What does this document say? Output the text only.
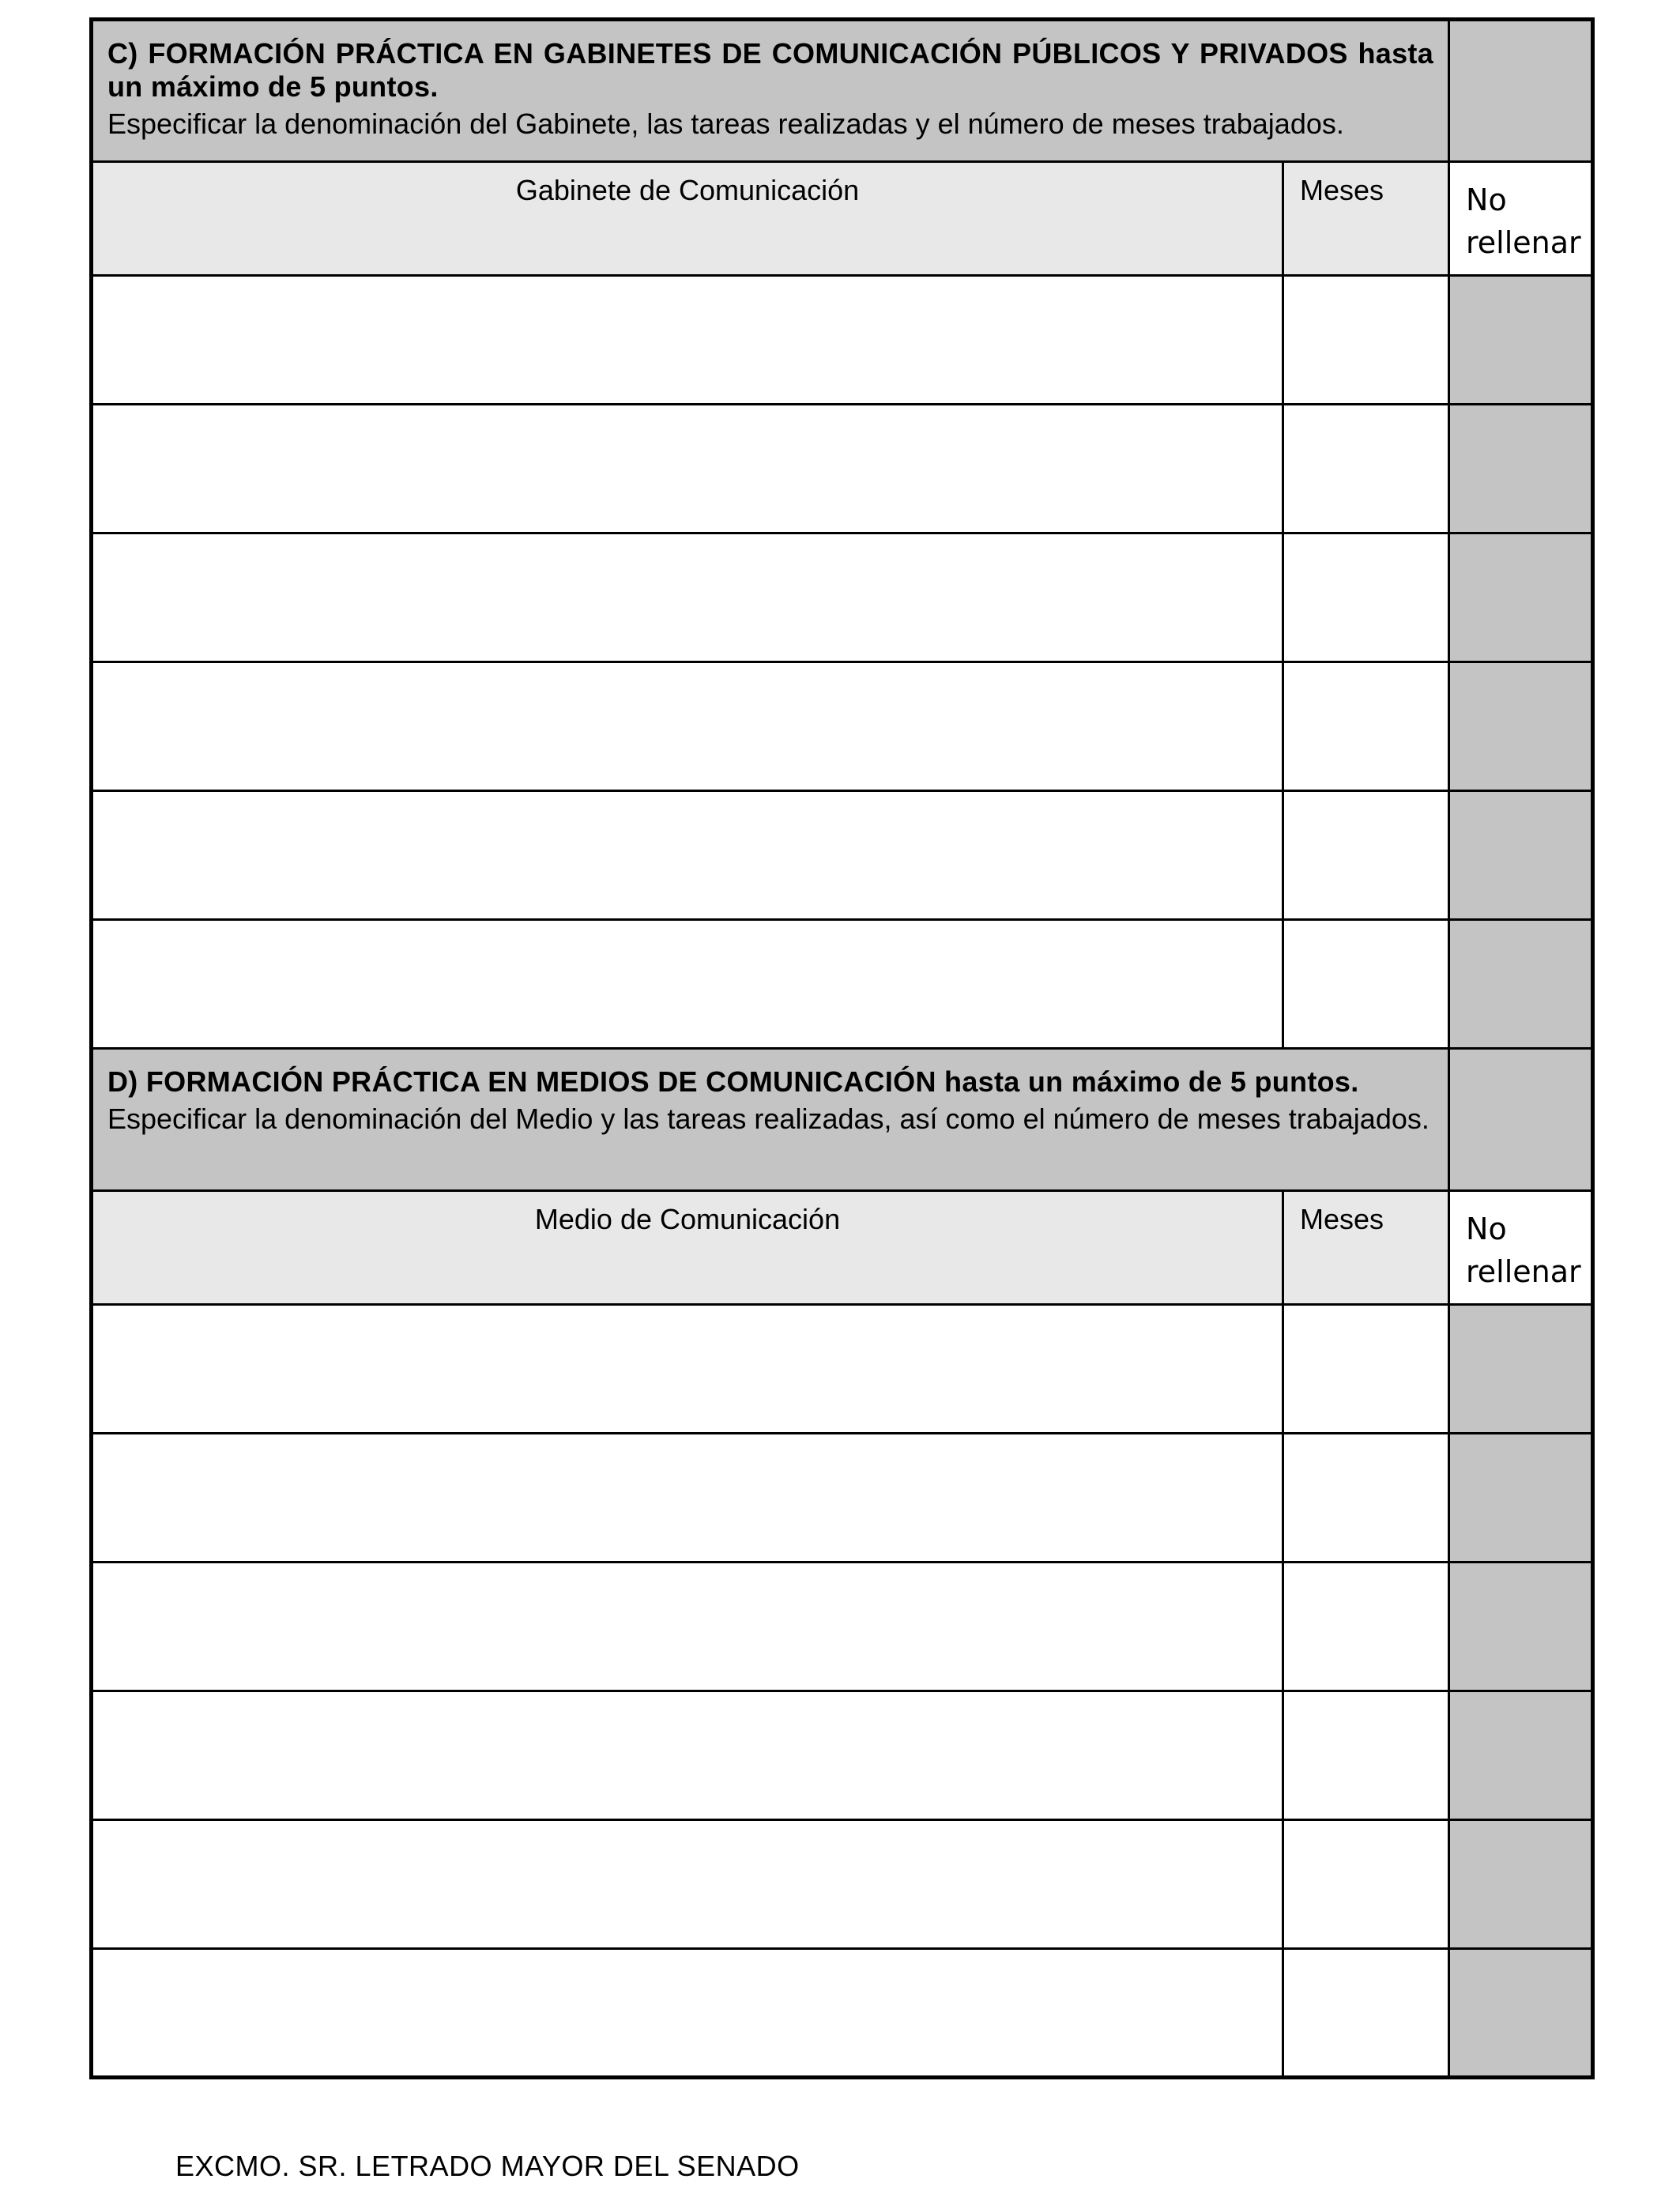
C) FORMACIÓN PRÁCTICA EN GABINETES DE COMUNICACIÓN PÚBLICOS Y PRIVADOS hasta un máximo de 5 puntos.
Especificar la denominación del Gabinete, las tareas realizadas y el número de meses trabajados.		

Gabinete de Comunicación	Meses	No rellenar

D) FORMACIÓN PRÁCTICA EN MEDIOS DE COMUNICACIÓN hasta un máximo de 5 puntos.
Especificar la denominación del Medio y las tareas realizadas, así como el número de meses trabajados.		

Medio de Comunicación	Meses	No rellenar

EXCMO. SR. LETRADO MAYOR DEL SENADO
